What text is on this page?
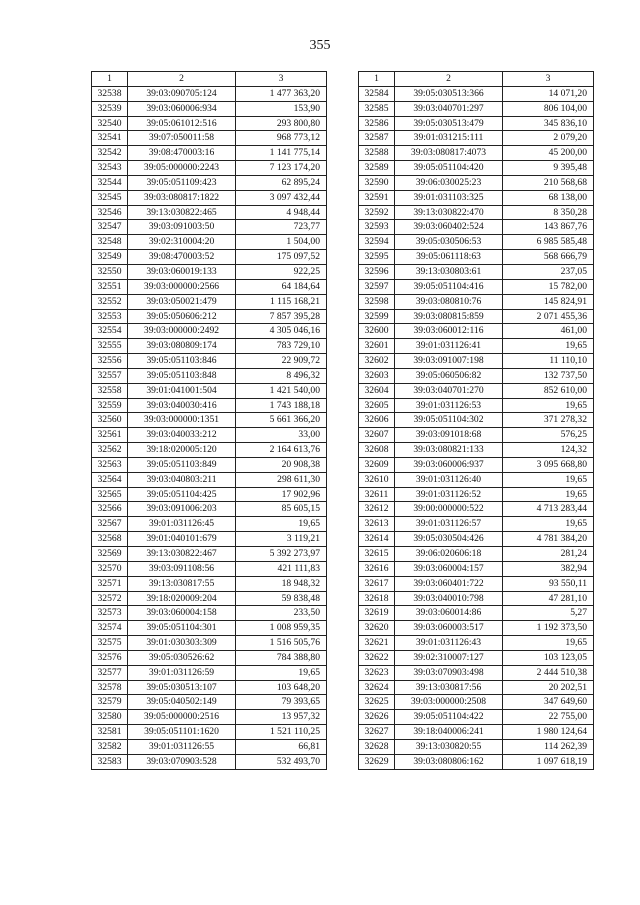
355
1	2	3
32538	39:03:090705:124	1 477 363,20
32539	39:03:060006:934	153,90
32540	39:05:061012:516	293 800,80
32541	39:07:050011:58	968 773,12
32542	39:08:470003:16	1 141 775,14
32543	39:05:000000:2243	7 123 174,20
32544	39:05:051109:423	62 895,24
32545	39:03:080817:1822	3 097 432,44
32546	39:13:030822:465	4 948,44
32547	39:03:091003:50	723,77
32548	39:02:310004:20	1 504,00
32549	39:08:470003:52	175 097,52
32550	39:03:060019:133	922,25
32551	39:03:000000:2566	64 184,64
32552	39:03:050021:479	1 115 168,21
32553	39:05:050606:212	7 857 395,28
32554	39:03:000000:2492	4 305 046,16
32555	39:03:080809:174	783 729,10
32556	39:05:051103:846	22 909,72
32557	39:05:051103:848	8 496,32
32558	39:01:041001:504	1 421 540,00
32559	39:03:040030:416	1 743 188,18
32560	39:03:000000:1351	5 661 366,20
32561	39:03:040033:212	33,00
32562	39:18:020005:120	2 164 613,76
32563	39:05:051103:849	20 908,38
32564	39:03:040803:211	298 611,30
32565	39:05:051104:425	17 902,96
32566	39:03:091006:203	85 605,15
32567	39:01:031126:45	19,65
32568	39:01:040101:679	3 119,21
32569	39:13:030822:467	5 392 273,97
32570	39:03:091108:56	421 111,83
32571	39:13:030817:55	18 948,32
32572	39:18:020009:204	59 838,48
32573	39:03:060004:158	233,50
32574	39:05:051104:301	1 008 959,35
32575	39:01:030303:309	1 516 505,76
32576	39:05:030526:62	784 388,80
32577	39:01:031126:59	19,65
32578	39:05:030513:107	103 648,20
32579	39:05:040502:149	79 393,65
32580	39:05:000000:2516	13 957,32
32581	39:05:051101:1620	1 521 110,25
32582	39:01:031126:55	66,81
32583	39:03:070903:528	532 493,70
1	2	3
32584	39:05:030513:366	14 071,20
32585	39:03:040701:297	806 104,00
32586	39:05:030513:479	345 836,10
32587	39:01:031215:111	2 079,20
32588	39:03:080817:4073	45 200,00
32589	39:05:051104:420	9 395,48
32590	39:06:030025:23	210 568,68
32591	39:01:031103:325	68 138,00
32592	39:13:030822:470	8 350,28
32593	39:03:060402:524	143 867,76
32594	39:05:030506:53	6 985 585,48
32595	39:05:061118:63	568 666,79
32596	39:13:030803:61	237,05
32597	39:05:051104:416	15 782,00
32598	39:03:080810:76	145 824,91
32599	39:03:080815:859	2 071 455,36
32600	39:03:060012:116	461,00
32601	39:01:031126:41	19,65
32602	39:03:091007:198	11 110,10
32603	39:05:060506:82	132 737,50
32604	39:03:040701:270	852 610,00
32605	39:01:031126:53	19,65
32606	39:05:051104:302	371 278,32
32607	39:03:091018:68	576,25
32608	39:03:080821:133	124,32
32609	39:03:060006:937	3 095 668,80
32610	39:01:031126:40	19,65
32611	39:01:031126:52	19,65
32612	39:00:000000:522	4 713 283,44
32613	39:01:031126:57	19,65
32614	39:05:030504:426	4 781 384,20
32615	39:06:020606:18	281,24
32616	39:03:060004:157	382,94
32617	39:03:060401:722	93 550,11
32618	39:03:040010:798	47 281,10
32619	39:03:060014:86	5,27
32620	39:03:060003:517	1 192 373,50
32621	39:01:031126:43	19,65
32622	39:02:310007:127	103 123,05
32623	39:03:070903:498	2 444 510,38
32624	39:13:030817:56	20 202,51
32625	39:03:000000:2508	347 649,60
32626	39:05:051104:422	22 755,00
32627	39:18:040006:241	1 980 124,64
32628	39:13:030820:55	114 262,39
32629	39:03:080806:162	1 097 618,19
